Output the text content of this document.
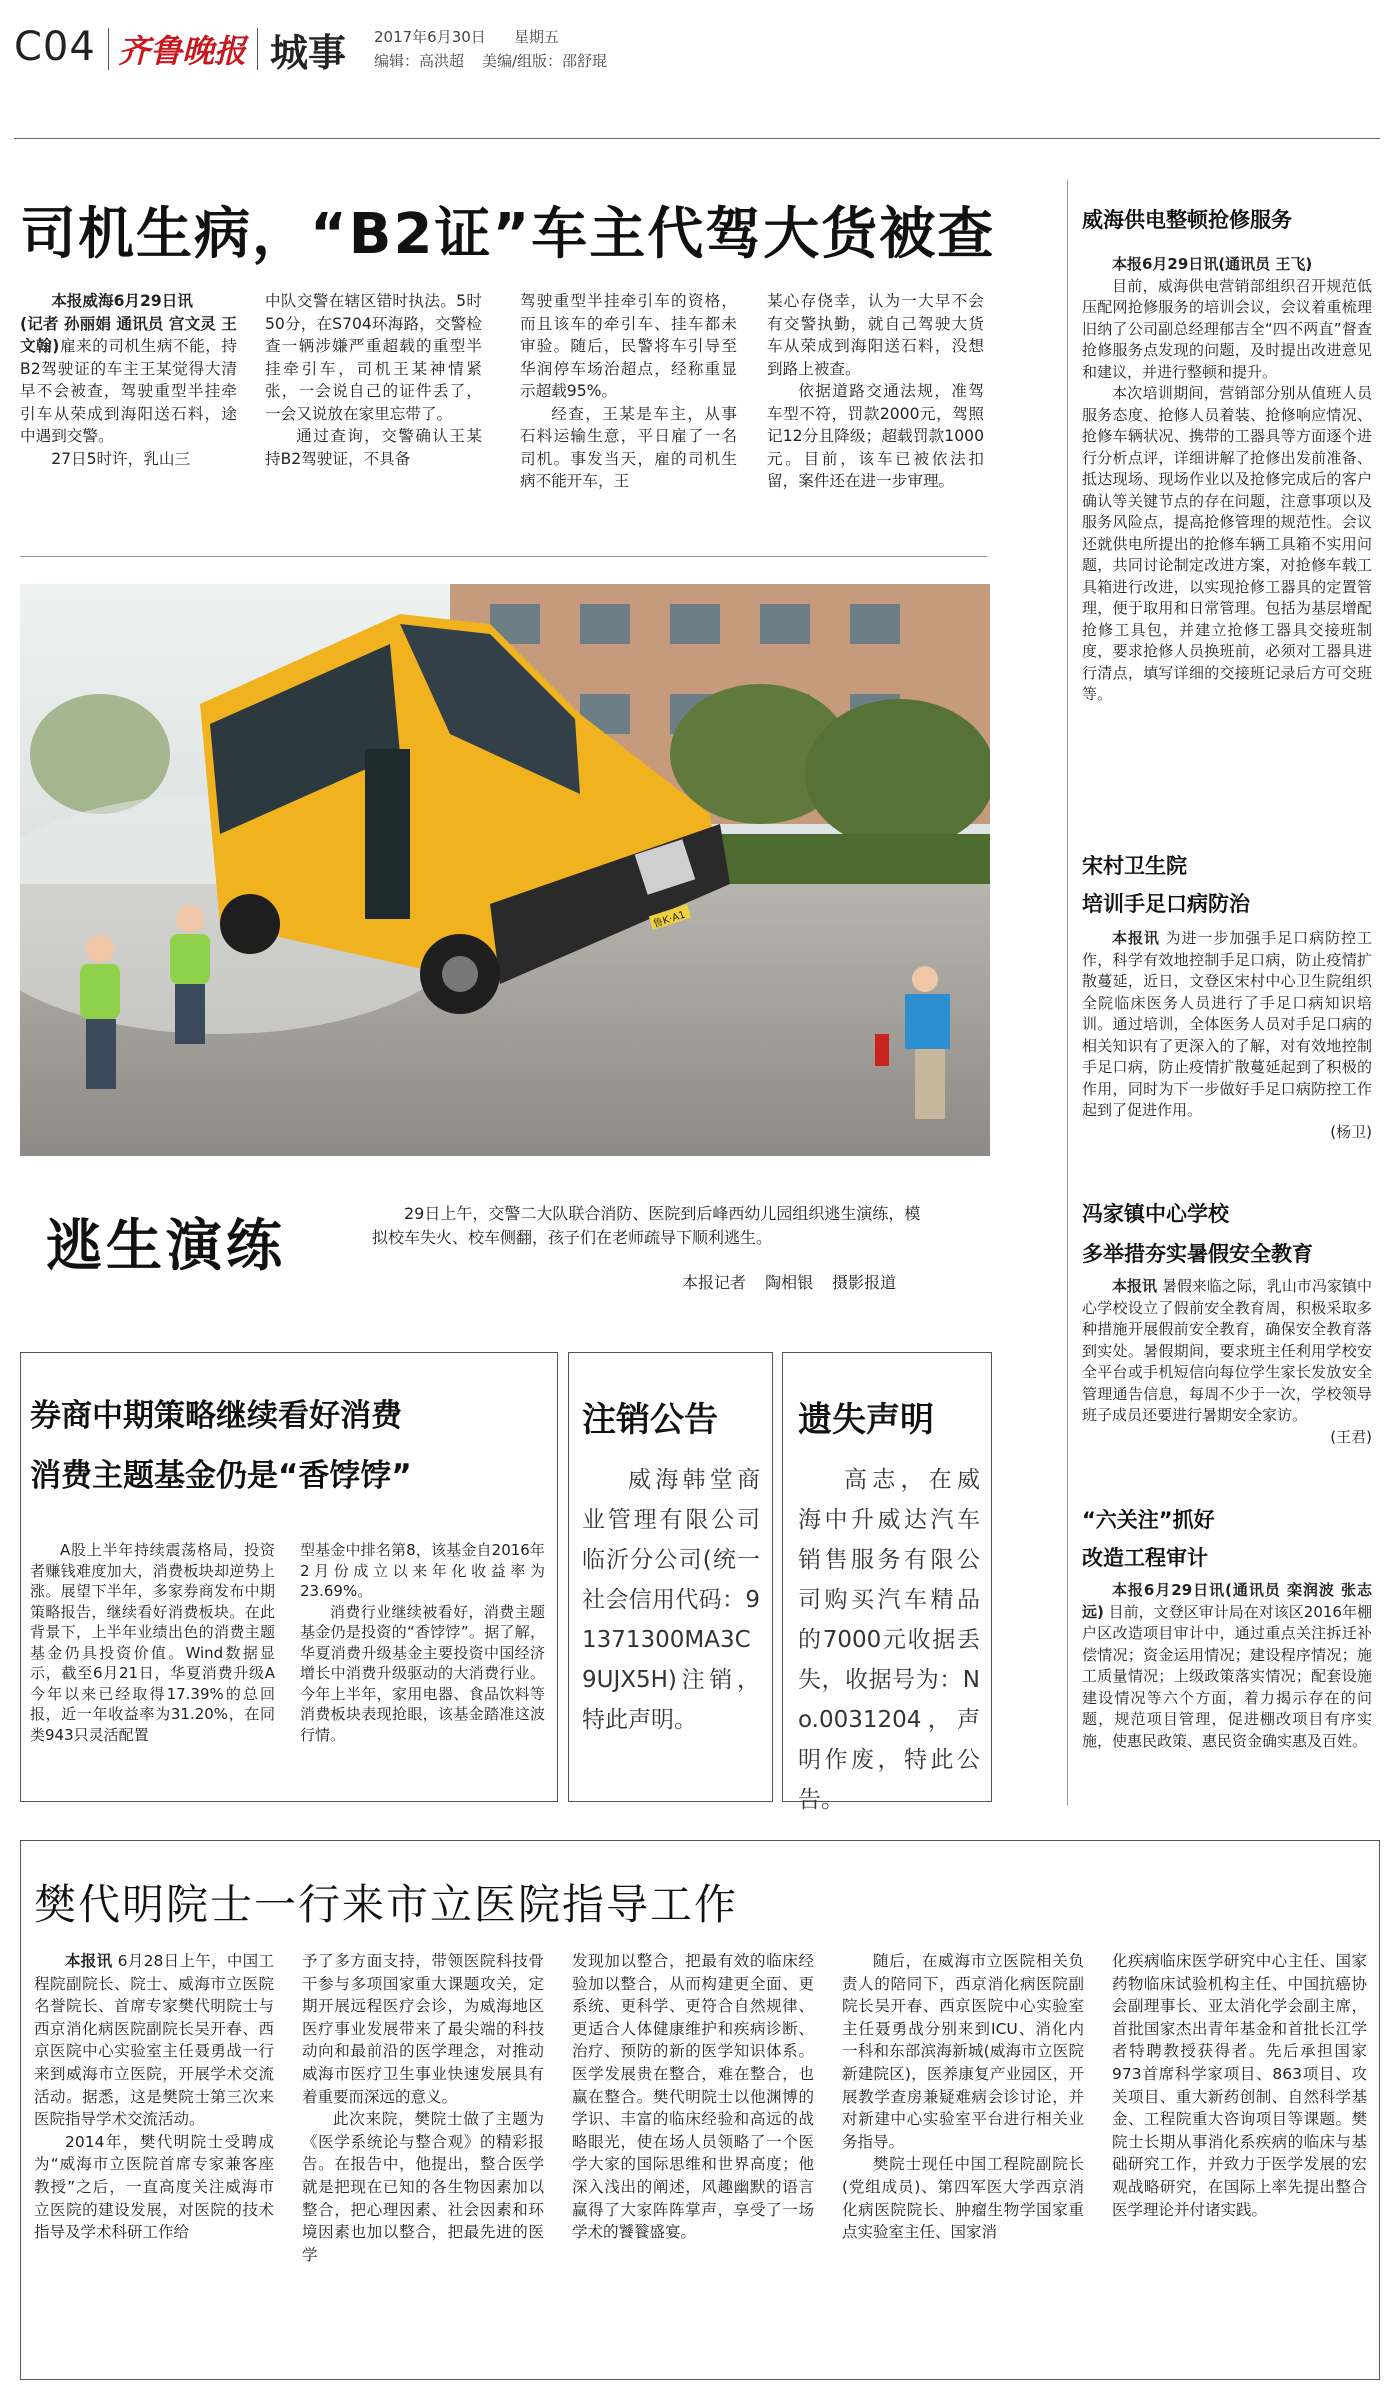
C04 齐鲁晚报 城事 2017年6月30日 星期五
编辑：高洪超 美编/组版：邵舒琨
司机生病，“B2证”车主代驾大货被查

本报威海6月29日讯

(记者 孙丽娟 通讯员 宫文灵 王文翰)雇来的司机生病不能，持B2驾驶证的车主王某觉得大清早不会被查，驾驶重型半挂牵引车从荣成到海阳送石料，途中遇到交警。

27日5时许，乳山三

中队交警在辖区错时执法。5时50分，在S704环海路，交警检查一辆涉嫌严重超载的重型半挂牵引车，司机王某神情紧张，一会说自己的证件丢了，一会又说放在家里忘带了。

通过查询，交警确认王某持B2驾驶证，不具备

驾驶重型半挂牵引车的资格，而且该车的牵引车、挂车都未审验。随后，民警将车引导至华润停车场治超点，经称重显示超载95%。

经查，王某是车主，从事石料运输生意，平日雇了一名司机。事发当天，雇的司机生病不能开车，王

某心存侥幸，认为一大早不会有交警执勤，就自己驾驶大货车从荣成到海阳送石料，没想到路上被查。

依据道路交通法规，准驾车型不符，罚款2000元，驾照记12分且降级；超载罚款1000元。目前，该车已被依法扣留，案件还在进一步审理。

鲁K·A1
逃生演练
29日上午，交警二大队联合消防、医院到后峰西幼儿园组织逃生演练，模拟校车失火、校车侧翻，孩子们在老师疏导下顺利逃生。
本报记者 陶相银 摄影报道
威海供电整顿抢修服务

本报6月29日讯(通讯员 王飞)

目前，威海供电营销部组织召开规范低压配网抢修服务的培训会议，会议着重梳理旧纳了公司副总经理郁吉全“四不两直”督查抢修服务点发现的问题，及时提出改进意见和建议，并进行整顿和提升。

本次培训期间，营销部分别从值班人员服务态度、抢修人员着装、抢修响应情况、抢修车辆状况、携带的工器具等方面逐个进行分析点评，详细讲解了抢修出发前准备、抵达现场、现场作业以及抢修完成后的客户确认等关键节点的存在问题，注意事项以及服务风险点，提高抢修管理的规范性。会议还就供电所提出的抢修车辆工具箱不实用问题，共同讨论制定改进方案，对抢修车载工具箱进行改进，以实现抢修工器具的定置管理，便于取用和日常管理。包括为基层增配抢修工具包，并建立抢修工器具交接班制度，要求抢修人员换班前，必须对工器具进行清点，填写详细的交接班记录后方可交班等。

宋村卫生院
培训手足口病防治

本报讯 为进一步加强手足口病防控工作，科学有效地控制手足口病，防止疫情扩散蔓延，近日，文登区宋村中心卫生院组织全院临床医务人员进行了手足口病知识培训。通过培训，全体医务人员对手足口病的相关知识有了更深入的了解，对有效地控制手足口病，防止疫情扩散蔓延起到了积极的作用，同时为下一步做好手足口病防控工作起到了促进作用。
(杨卫)

冯家镇中心学校
多举措夯实暑假安全教育

本报讯 暑假来临之际，乳山市冯家镇中心学校设立了假前安全教育周，积极采取多种措施开展假前安全教育，确保安全教育落到实处。暑假期间，要求班主任利用学校安全平台或手机短信向每位学生家长发放安全管理通告信息，每周不少于一次，学校领导班子成员还要进行暑期安全家访。
(王君)

“六关注”抓好
改造工程审计

本报6月29日讯(通讯员 栾润波 张志远) 目前，文登区审计局在对该区2016年棚户区改造项目审计中，通过重点关注拆迁补偿情况；资金运用情况；建设程序情况；施工质量情况；上级政策落实情况；配套设施建设情况等六个方面，着力揭示存在的问题，规范项目管理，促进棚改项目有序实施，使惠民政策、惠民资金确实惠及百姓。

券商中期策略继续看好消费
消费主题基金仍是“香饽饽”

A股上半年持续震荡格局，投资者赚钱难度加大，消费板块却逆势上涨。展望下半年，多家券商发布中期策略报告，继续看好消费板块。在此背景下，上半年业绩出色的消费主题基金仍具投资价值。Wind数据显示，截至6月21日，华夏消费升级A今年以来已经取得17.39%的总回报，近一年收益率为31.20%，在同类943只灵活配置

型基金中排名第8，该基金自2016年2月份成立以来年化收益率为23.69%。

消费行业继续被看好，消费主题基金仍是投资的“香饽饽”。据了解，华夏消费升级基金主要投资中国经济增长中消费升级驱动的大消费行业。今年上半年，家用电器、食品饮料等消费板块表现抢眼，该基金踏准这波行情。

注销公告

威海韩堂商业管理有限公司临沂分公司(统一社会信用代码：91371300MA3C9UJX5H)注销，特此声明。

遗失声明

高志，在威海中升威达汽车销售服务有限公司购买汽车精品的7000元收据丢失，收据号为：No.0031204，声明作废，特此公告。

樊代明院士一行来市立医院指导工作

本报讯 6月28日上午，中国工程院副院长、院士、威海市立医院名誉院长、首席专家樊代明院士与西京消化病医院副院长吴开春、西京医院中心实验室主任聂勇战一行来到威海市立医院，开展学术交流活动。据悉，这是樊院士第三次来医院指导学术交流活动。

2014年，樊代明院士受聘成为“威海市立医院首席专家兼客座教授”之后，一直高度关注威海市立医院的建设发展，对医院的技术指导及学术科研工作给

予了多方面支持，带领医院科技骨干参与多项国家重大课题攻关，定期开展远程医疗会诊，为威海地区医疗事业发展带来了最尖端的科技动向和最前沿的医学理念，对推动威海市医疗卫生事业快速发展具有着重要而深远的意义。

此次来院，樊院士做了主题为《医学系统论与整合观》的精彩报告。在报告中，他提出，整合医学就是把现在已知的各生物因素加以整合，把心理因素、社会因素和环境因素也加以整合，把最先进的医学

发现加以整合，把最有效的临床经验加以整合，从而构建更全面、更系统、更科学、更符合自然规律、更适合人体健康维护和疾病诊断、治疗、预防的新的医学知识体系。医学发展贵在整合，难在整合，也赢在整合。樊代明院士以他渊博的学识、丰富的临床经验和高远的战略眼光，使在场人员领略了一个医学大家的国际思维和世界高度；他深入浅出的阐述，风趣幽默的语言赢得了大家阵阵掌声，享受了一场学术的饕餮盛宴。

随后，在威海市立医院相关负责人的陪同下，西京消化病医院副院长吴开春、西京医院中心实验室主任聂勇战分别来到ICU、消化内一科和东部滨海新城(威海市立医院新建院区)，医养康复产业园区，开展教学查房兼疑难病会诊讨论，并对新建中心实验室平台进行相关业务指导。

樊院士现任中国工程院副院长(党组成员)、第四军医大学西京消化病医院院长、肿瘤生物学国家重点实验室主任、国家消

化疾病临床医学研究中心主任、国家药物临床试验机构主任、中国抗癌协会副理事长、亚太消化学会副主席，首批国家杰出青年基金和首批长江学者特聘教授获得者。先后承担国家973首席科学家项目、863项目、攻关项目、重大新药创制、自然科学基金、工程院重大咨询项目等课题。樊院士长期从事消化系疾病的临床与基础研究工作，并致力于医学发展的宏观战略研究，在国际上率先提出整合医学理论并付诸实践。
